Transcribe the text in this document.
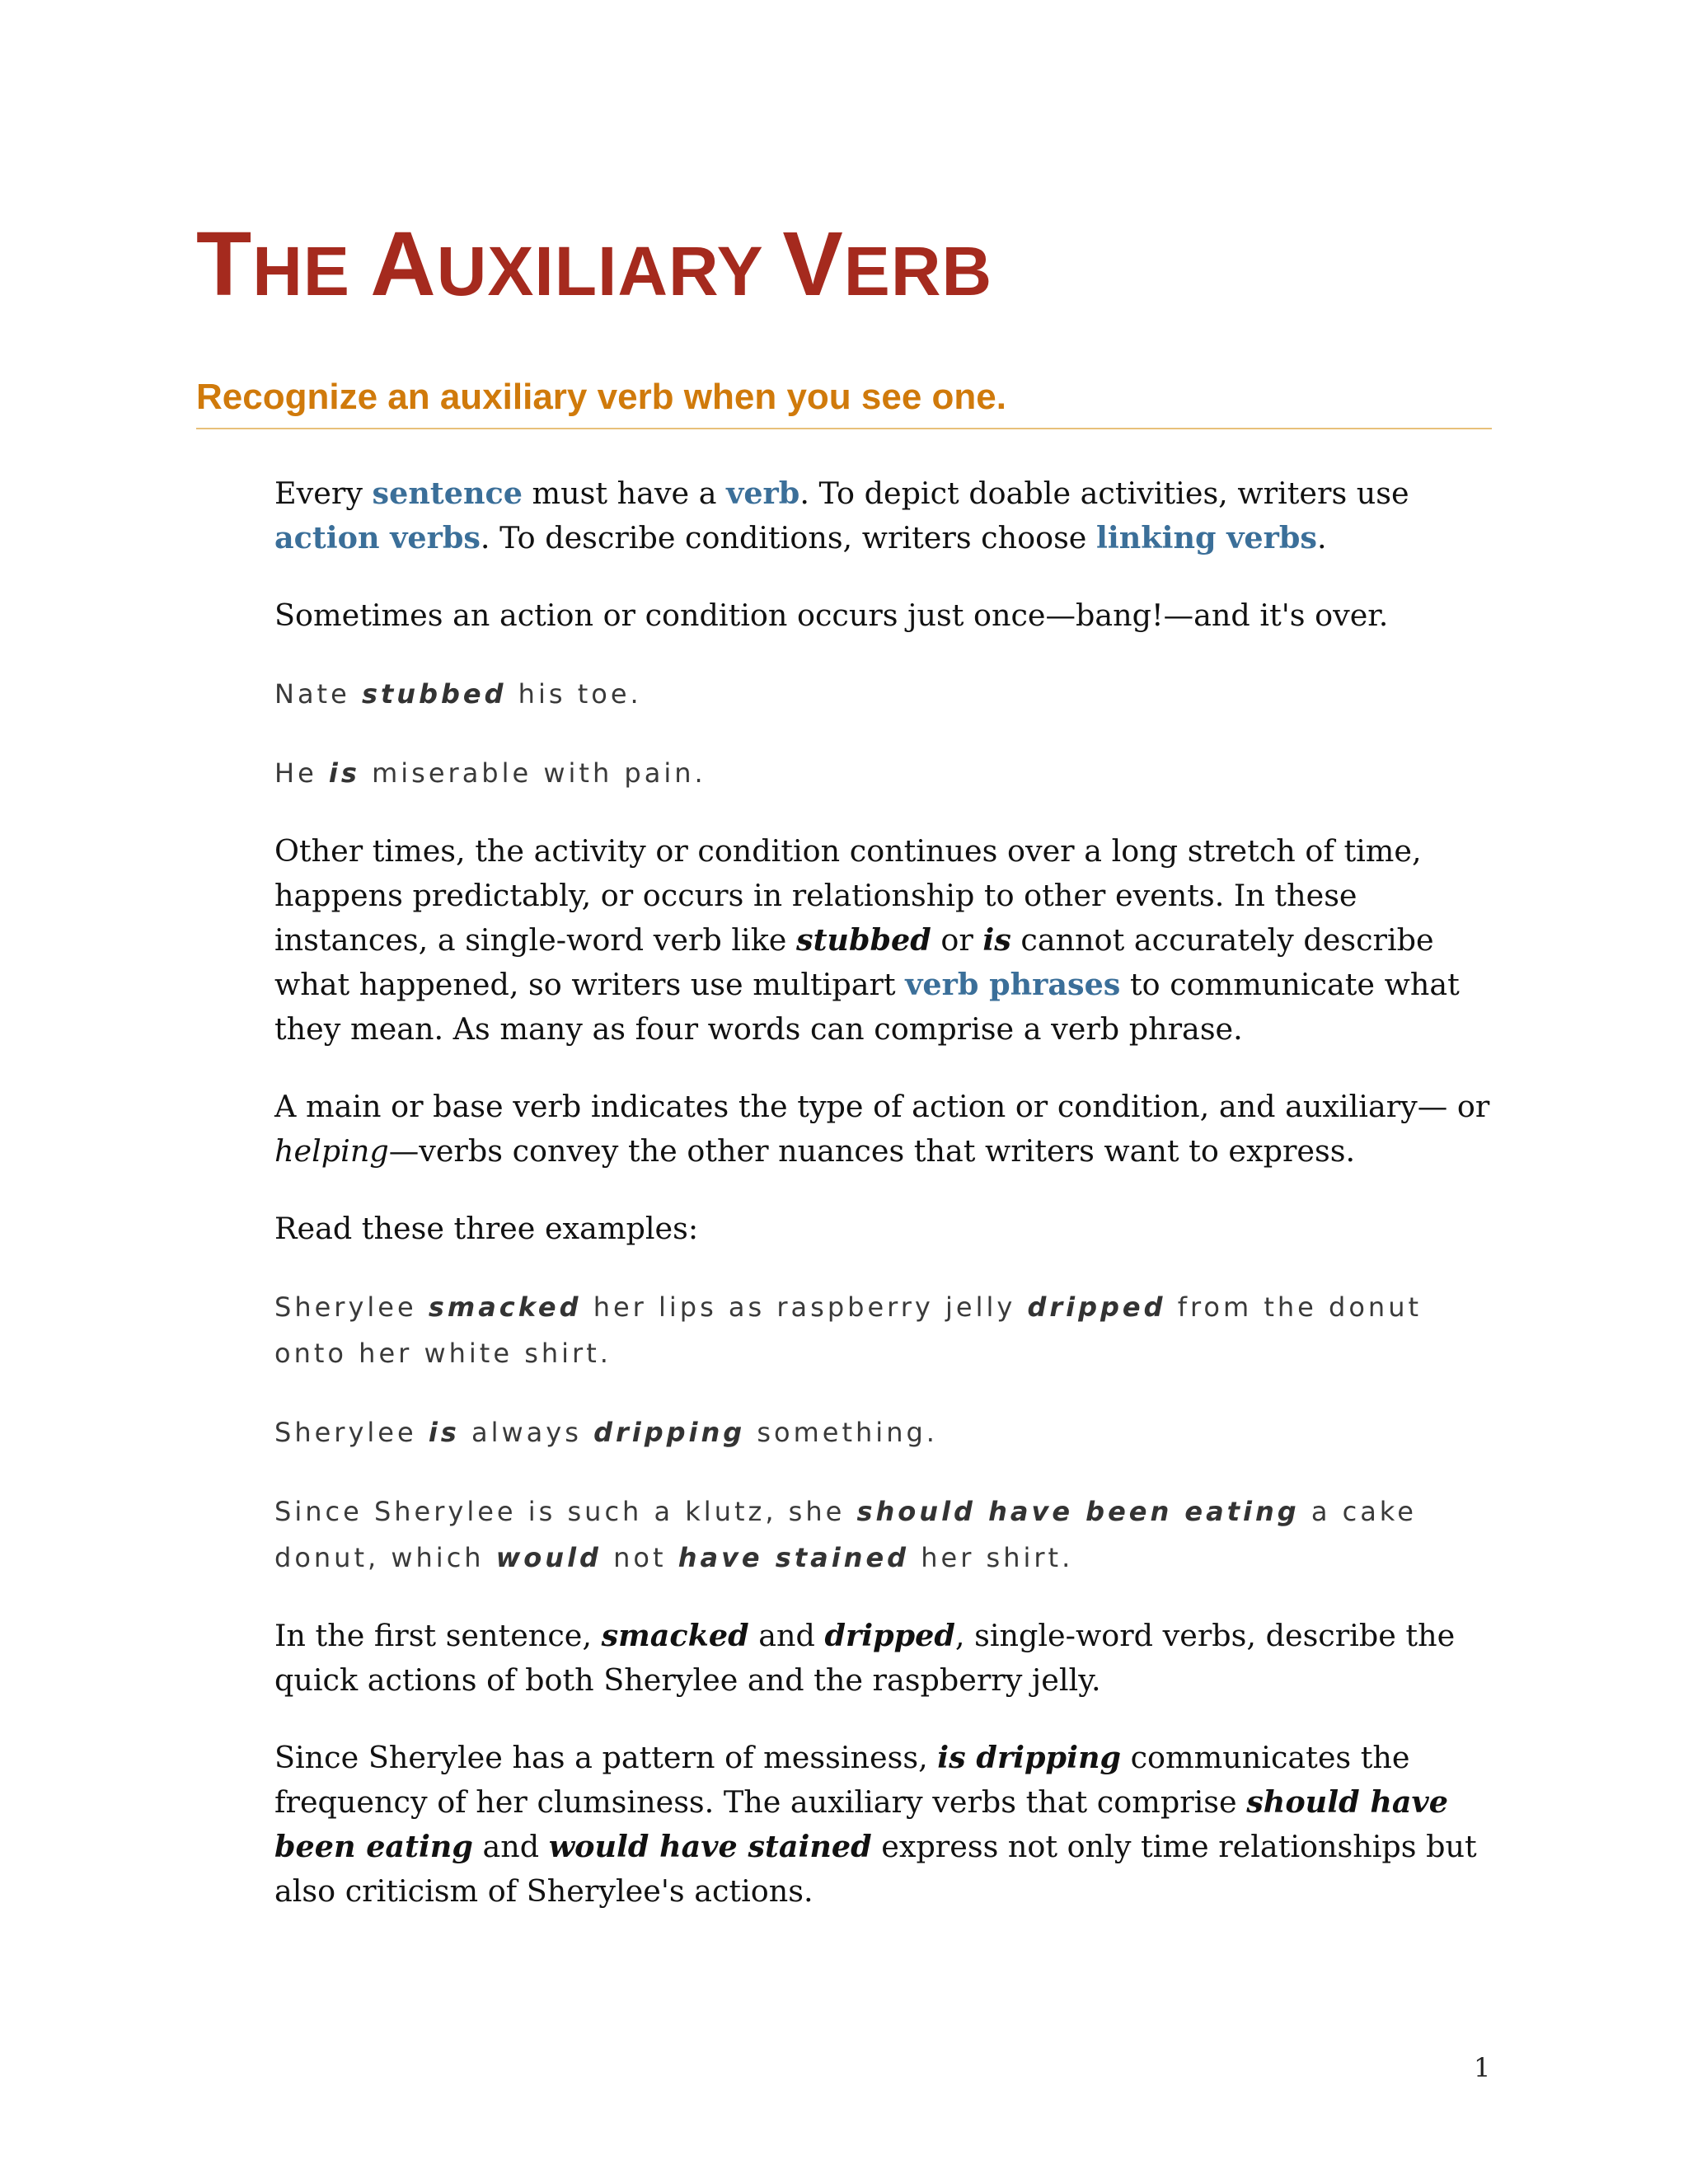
THE AUXILIARY VERB
Recognize an auxiliary verb when you see one.

Every sentence must have a verb. To depict doable activities, writers use action verbs. To describe conditions, writers choose linking verbs.

Sometimes an action or condition occurs just once—bang!—and it's over.

Nate stubbed his toe.

He is miserable with pain.

Other times, the activity or condition continues over a long stretch of time, happens predictably, or occurs in relationship to other events. In these instances, a single-word verb like stubbed or is cannot accurately describe what happened, so writers use multipart verb phrases to communicate what they mean. As many as four words can comprise a verb phrase.

A main or base verb indicates the type of action or condition, and auxiliary— or helping—verbs convey the other nuances that writers want to express.

Read these three examples:

Sherylee smacked her lips as raspberry jelly dripped from the donut onto her white shirt.

Sherylee is always dripping something.

Since Sherylee is such a klutz, she should have been eating a cake donut, which would not have stained her shirt.

In the first sentence, smacked and dripped, single-word verbs, describe the quick actions of both Sherylee and the raspberry jelly.

Since Sherylee has a pattern of messiness, is dripping communicates the frequency of her clumsiness. The auxiliary verbs that comprise should have been eating and would have stained express not only time relationships but also criticism of Sherylee's actions.

1
